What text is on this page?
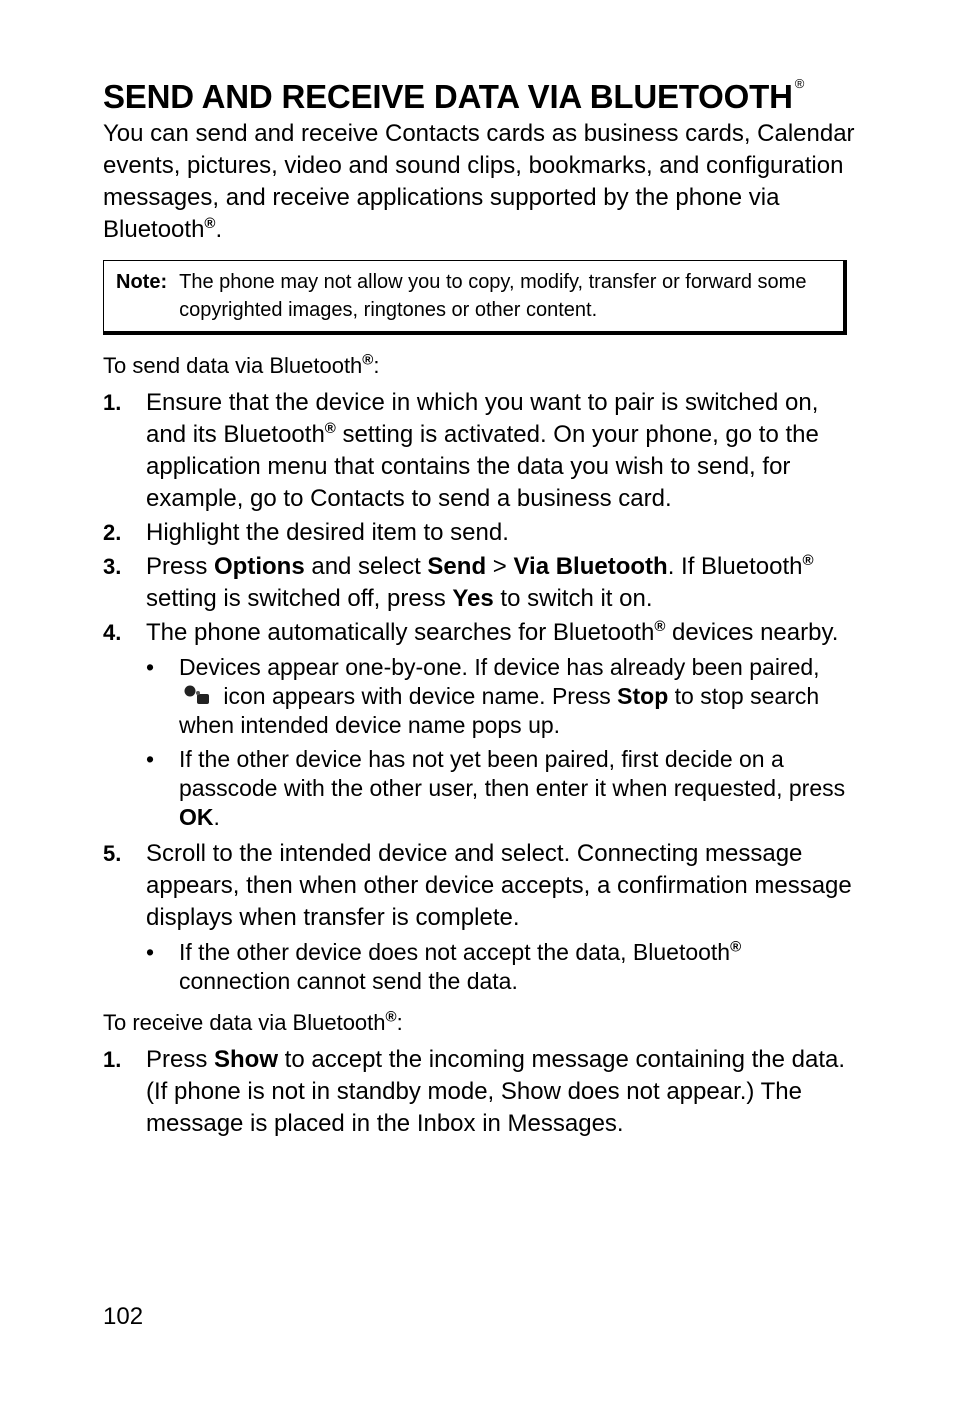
SEND AND RECEIVE DATA VIA BLUETOOTH ®

You can send and receive Contacts cards as business cards, Calendar events, pictures, video and sound clips, bookmarks, and configuration messages, and receive applications supported by the phone via Bluetooth®.

Note: The phone may not allow you to copy, modify, transfer or forward some copyrighted images, ringtones or other content.

To send data via Bluetooth®:

1. Ensure that the device in which you want to pair is switched on, and its Bluetooth® setting is activated. On your phone, go to the application menu that contains the data you wish to send, for example, go to Contacts to send a business card.
2. Highlight the desired item to send.
3. Press Options and select Send > Via Bluetooth. If Bluetooth® setting is switched off, press Yes to switch it on.
4. The phone automatically searches for Bluetooth® devices nearby.
• Devices appear one-by-one. If device has already been paired,  icon appears with device name. Press Stop to stop search when intended device name pops up.
• If the other device has not yet been paired, first decide on a passcode with the other user, then enter it when requested, press OK.
5. Scroll to the intended device and select. Connecting message appears, then when other device accepts, a confirmation message displays when transfer is complete.
• If the other device does not accept the data, Bluetooth® connection cannot send the data.

To receive data via Bluetooth®:

1. Press Show to accept the incoming message containing the data. (If phone is not in standby mode, Show does not appear.) The message is placed in the Inbox in Messages.
102
